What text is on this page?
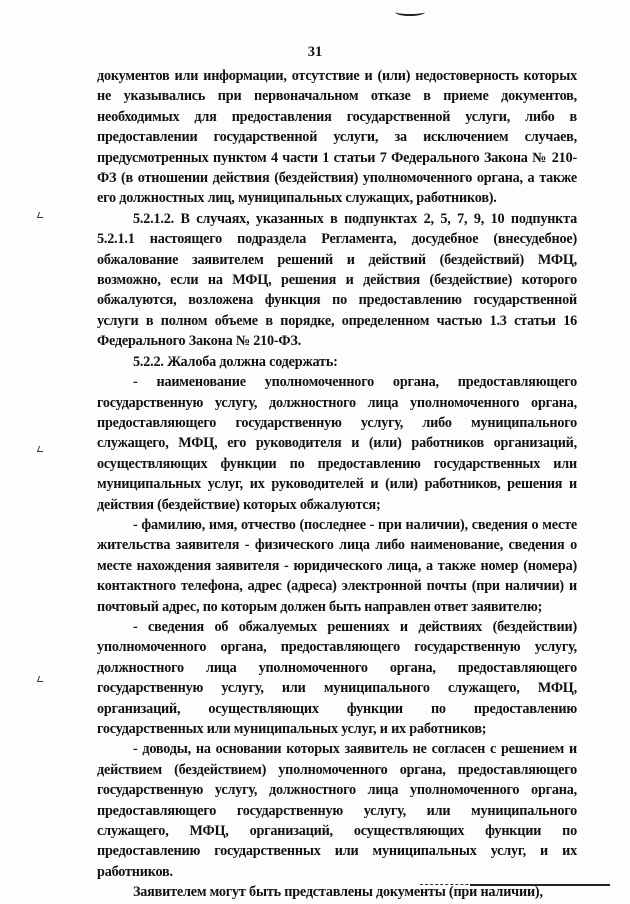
31

документов или информации, отсутствие и (или) недостоверность которых не указывались при первоначальном отказе в приеме документов, необходимых для предоставления государственной услуги, либо в предоставлении государственной услуги, за исключением случаев, предусмотренных пунктом 4 части 1 статьи 7 Федерального Закона № 210-ФЗ (в отношении действия (бездействия) уполномоченного органа, а также его должностных лиц, муниципальных служащих, работников).

5.2.1.2. В случаях, указанных в подпунктах 2, 5, 7, 9, 10 подпункта 5.2.1.1 настоящего подраздела Регламента, досудебное (внесудебное) обжалование заявителем решений и действий (бездействий) МФЦ, возможно, если на МФЦ, решения и действия (бездействие) которого обжалуются, возложена функция по предоставлению государственной услуги в полном объеме в порядке, определенном частью 1.3 статьи 16 Федерального Закона № 210-ФЗ.

5.2.2. Жалоба должна содержать:

- наименование уполномоченного органа, предоставляющего государственную услугу, должностного лица уполномоченного органа, предоставляющего государственную услугу, либо муниципального служащего, МФЦ, его руководителя и (или) работников организаций, осуществляющих функции по предоставлению государственных или муниципальных услуг, их руководителей и (или) работников, решения и действия (бездействие) которых обжалуются;

- фамилию, имя, отчество (последнее - при наличии), сведения о месте жительства заявителя - физического лица либо наименование, сведения о месте нахождения заявителя - юридического лица, а также номер (номера) контактного телефона, адрес (адреса) электронной почты (при наличии) и почтовый адрес, по которым должен быть направлен ответ заявителю;

- сведения об обжалуемых решениях и действиях (бездействии) уполномоченного органа, предоставляющего государственную услугу, должностного лица уполномоченного органа, предоставляющего государственную услугу, или муниципального служащего, МФЦ, организаций, осуществляющих функции по предоставлению государственных или муниципальных услуг, и их работников;

- доводы, на основании которых заявитель не согласен с решением и действием (бездействием) уполномоченного органа, предоставляющего государственную услугу, должностного лица уполномоченного органа, предоставляющего государственную услугу, или муниципального служащего, МФЦ, организаций, осуществляющих функции по предоставлению государственных или муниципальных услуг, и их работников.

Заявителем могут быть представлены документы (при наличии),
